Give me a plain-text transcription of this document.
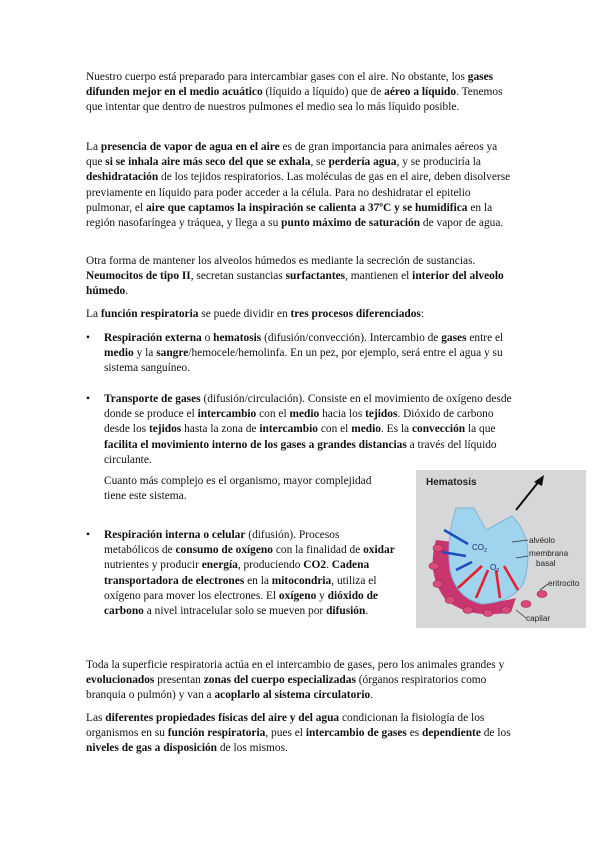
Nuestro cuerpo está preparado para intercambiar gases con el aire. No obstante, los gases difunden mejor en el medio acuático (líquido a líquido) que de aéreo a líquido. Tenemos que intentar que dentro de nuestros pulmones el medio sea lo más líquido posible.

La presencia de vapor de agua en el aire es de gran importancia para animales aéreos ya que si se inhala aire más seco del que se exhala, se perdería agua, y se produciría la deshidratación de los tejidos respiratorios. Las moléculas de gas en el aire, deben disolverse previamente en líquido para poder acceder a la célula. Para no deshidratar el epitelio pulmonar, el aire que captamos la inspiración se calienta a 37ºC y se humidifica en la región nasofaríngea y tráquea, y llega a su punto máximo de saturación de vapor de agua.

Otra forma de mantener los alveolos húmedos es mediante la secreción de sustancias. Neumocitos de tipo II, secretan sustancias surfactantes, mantienen el interior del alveolo húmedo.

La función respiratoria se puede dividir en tres procesos diferenciados:

•	Respiración externa o hematosis (difusión/convección). Intercambio de gases entre el medio y la sangre/hemocele/hemolinfa. En un pez, por ejemplo, será entre el agua y su sistema sanguíneo.

•	Transporte de gases (difusión/circulación). Consiste en el movimiento de oxígeno desde donde se produce el intercambio con el medio hacia los tejidos. Dióxido de carbono desde los tejidos hasta la zona de intercambio con el medio. Es la convección la que facilita el movimiento interno de los gases a grandes distancias a través del líquido circulante.

Cuanto más complejo es el organismo, mayor complejidad tiene este sistema.

•	Respiración interna o celular (difusión). Procesos metabólicos de consumo de oxígeno con la finalidad de oxidar nutrientes y producir energía, produciendo CO2. Cadena transportadora de electrones en la mitocondria, utiliza el oxígeno para mover los electrones. El oxígeno y dióxido de carbono a nivel intracelular solo se mueven por difusión.

Hematosis
$CO_2$
$O_2$
alvéolo
membrana
basal
eritrocito
capilar

Toda la superficie respiratoria actúa en el intercambio de gases, pero los animales grandes y evolucionados presentan zonas del cuerpo especializadas (órganos respiratorios como branquia o pulmón) y van a acoplarlo al sistema circulatorio.

Las diferentes propiedades físicas del aire y del agua condicionan la fisiología de los organismos en su función respiratoria, pues el intercambio de gases es dependiente de los niveles de gas a disposición de los mismos.
